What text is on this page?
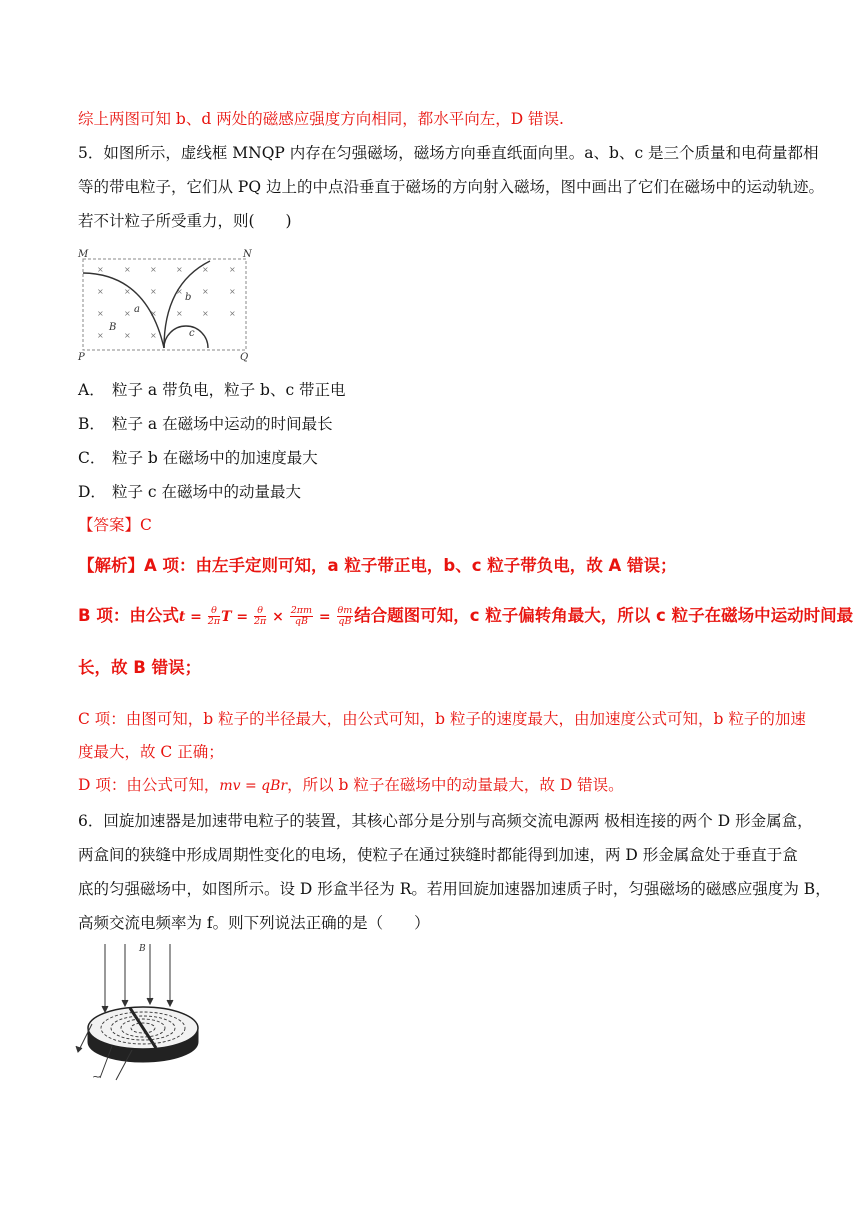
综上两图可知 b、d 两处的磁感应强度方向相同，都水平向左，D 错误.
5．如图所示，虚线框 MNQP 内存在匀强磁场，磁场方向垂直纸面向里。a、b、c 是三个质量和电荷量都相
等的带电粒子，它们从 PQ 边上的中点沿垂直于磁场的方向射入磁场，图中画出了它们在磁场中的运动轨迹。
若不计粒子所受重力，则(　　)
M	N
P	Q
×	× × × ×	×
×	× × × ×	×
×	× × × ×	×
×	× ×
a
b
c
B
A． 粒子 a 带负电，粒子 b、c 带正电
B． 粒子 a 在磁场中运动的时间最长
C． 粒子 b 在磁场中的加速度最大
D． 粒子 c 在磁场中的动量最大
【答案】C
【解析】A 项：由左手定则可知，a 粒子带正电，b、c 粒子带负电，故 A 错误；
B 项：由公式$t = \frac{\theta}{2\pi}$ $T = \frac{\theta}{2\pi} \times \frac{2\pi m}{qB} = \frac{\theta m}{qB}$ 结合题图可知，c 粒子偏转角最大，所以 c 粒子在磁场中运动时间最
长，故 B 错误；
C 项：由图可知，b 粒子的半径最大，由公式可知，b 粒子的速度最大，由加速度公式可知，b 粒子的加速
度最大，故 C 正确；
D 项：由公式可知，mv = qBr，所以 b 粒子在磁场中的动量最大，故 D 错误。
6．回旋加速器是加速带电粒子的装置，其核心部分是分别与高频交流电源两 极相连接的两个 D 形金属盒，
两盒间的狭缝中形成周期性变化的电场，使粒子在通过狭缝时都能得到加速，两 D 形金属盒处于垂直于盒
底的匀强磁场中，如图所示。设 D 形盒半径为 R。若用回旋加速器加速质子时，匀强磁场的磁感应强度为 B，
高频交流电频率为 f。则下列说法正确的是（　　）
B
~
